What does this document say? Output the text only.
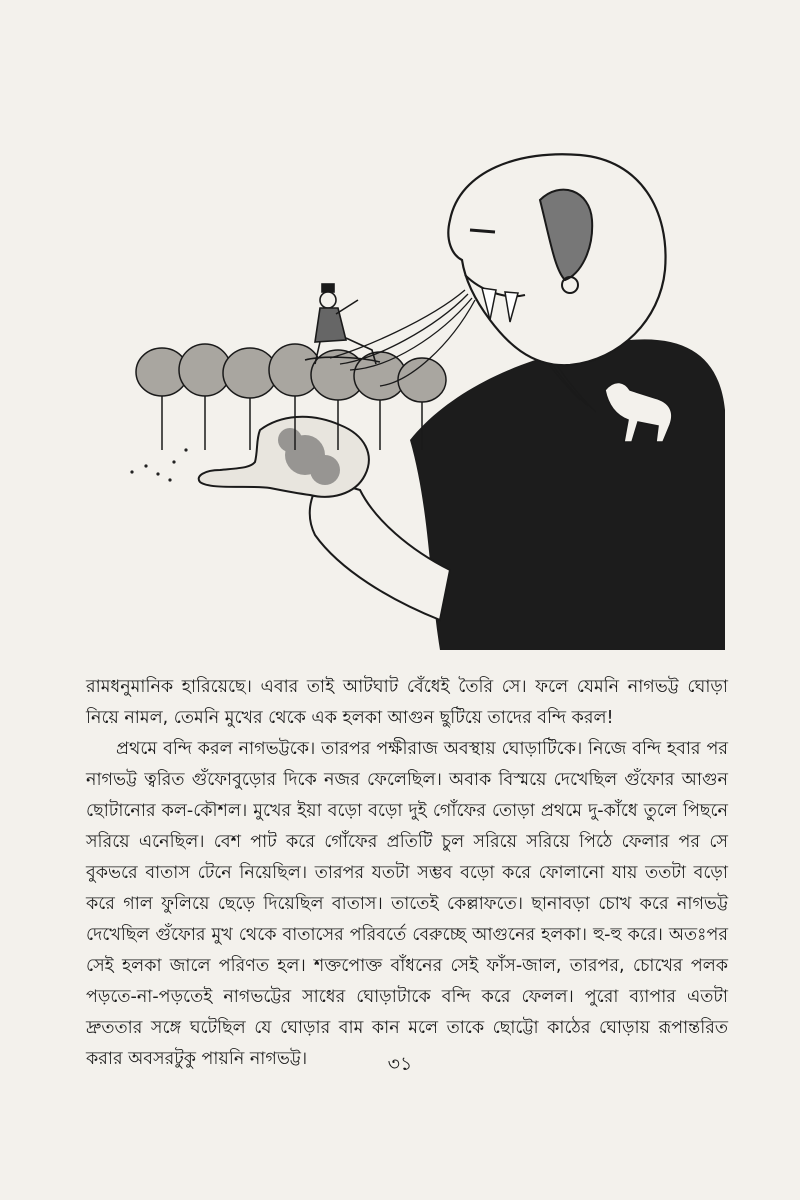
রামধনুমানিক হারিয়েছে। এবার তাই আটঘাট বেঁধেই তৈরি সে। ফলে যেমনি নাগভট্ট ঘোড়া নিয়ে নামল, তেমনি মুখের থেকে এক হলকা আগুন ছুটিয়ে তাদের বন্দি করল!

প্রথমে বন্দি করল নাগভট্টকে। তারপর পক্ষীরাজ অবস্থায় ঘোড়াটিকে। নিজে বন্দি হবার পর নাগভট্ট ত্বরিত গুঁফোবুড়োর দিকে নজর ফেলেছিল। অবাক বিস্ময়ে দেখেছিল গুঁফোর আগুন ছোটানোর কল-কৌশল। মুখের ইয়া বড়ো বড়ো দুই গোঁফের তোড়া প্রথমে দু-কাঁধে তুলে পিছনে সরিয়ে এনেছিল। বেশ পাট করে গোঁফের প্রতিটি চুল সরিয়ে সরিয়ে পিঠে ফেলার পর সে বুকভরে বাতাস টেনে নিয়েছিল। তারপর যতটা সম্ভব বড়ো করে ফোলানো যায় ততটা বড়ো করে গাল ফুলিয়ে ছেড়ে দিয়েছিল বাতাস। তাতেই কেল্লাফতে। ছানাবড়া চোখ করে নাগভট্ট দেখেছিল গুঁফোর মুখ থেকে বাতাসের পরিবর্তে বেরুচ্ছে আগুনের হলকা। হু-হু করে। অতঃপর সেই হলকা জালে পরিণত হল। শক্তপোক্ত বাঁধনের সেই ফাঁস-জাল, তারপর, চোখের পলক পড়তে-না-পড়তেই নাগভট্টের সাধের ঘোড়াটাকে বন্দি করে ফেলল। পুরো ব্যাপার এতটা দ্রুততার সঙ্গে ঘটেছিল যে ঘোড়ার বাম কান মলে তাকে ছোট্টো কাঠের ঘোড়ায় রূপান্তরিত করার অবসরটুকু পায়নি নাগভট্ট।	৩১
